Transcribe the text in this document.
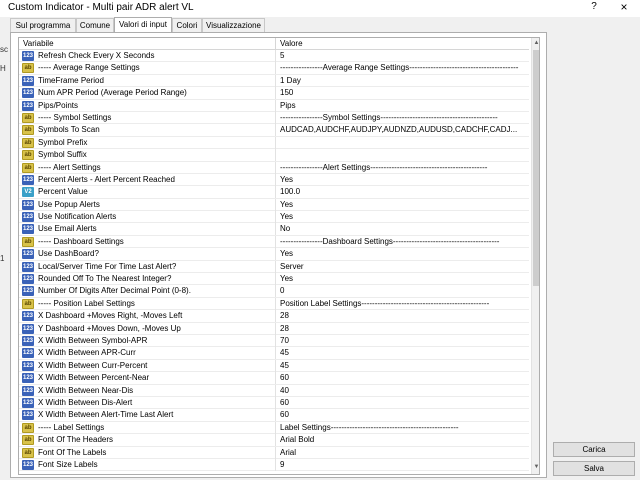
Custom Indicator - Multi pair ADR alert VL	?	×
sc
H
1
Sul programma	Comune	Valori di input	Colori	Visualizzazione
Variabile	Valore
123 Refresh Check Every X Seconds	5
ab ----- Average Range Settings	----------------Average Range Settings-----------------------------------------
123 TimeFrame Period	1 Day
123 Num APR Period (Average Period Range)	150
123 Pips/Points	Pips
ab ----- Symbol Settings	----------------Symbol Settings--------------------------------------------
ab Symbols To Scan	AUDCAD,AUDCHF,AUDJPY,AUDNZD,AUDUSD,CADCHF,CADJ...
ab Symbol Prefix
ab Symbol Suffix
ab ----- Alert Settings	----------------Alert Settings--------------------------------------------
123 Percent Alerts - Alert Percent Reached	Yes
V2 Percent Value	100.0
123 Use Popup Alerts	Yes
123 Use Notification Alerts	Yes
123 Use Email Alerts	No
ab ----- Dashboard Settings	----------------Dashboard Settings----------------------------------------
123 Use DashBoard?	Yes
123 Local/Server Time For Time Last Alert?	Server
123 Rounded Off To The Nearest Integer?	Yes
123 Number Of Digits After Decimal Point (0-8).	0
ab ----- Position Label Settings	Position Label Settings------------------------------------------------
123 X Dashboard +Moves Right, -Moves Left	28
123 Y Dashboard +Moves Down, -Moves Up	28
123 X Width Between Symbol-APR	70
123 X Width Between APR-Curr	45
123 X Width Between Curr-Percent	45
123 X Width Between Percent-Near	60
123 X Width Between Near-Dis	40
123 X Width Between Dis-Alert	60
123 X Width Between Alert-Time Last Alert	60
ab ----- Label Settings	Label Settings------------------------------------------------
ab Font Of The Headers	Arial Bold
ab Font Of The Labels	Arial
123 Font Size Labels	9
▲
▼
Carica
Salva
